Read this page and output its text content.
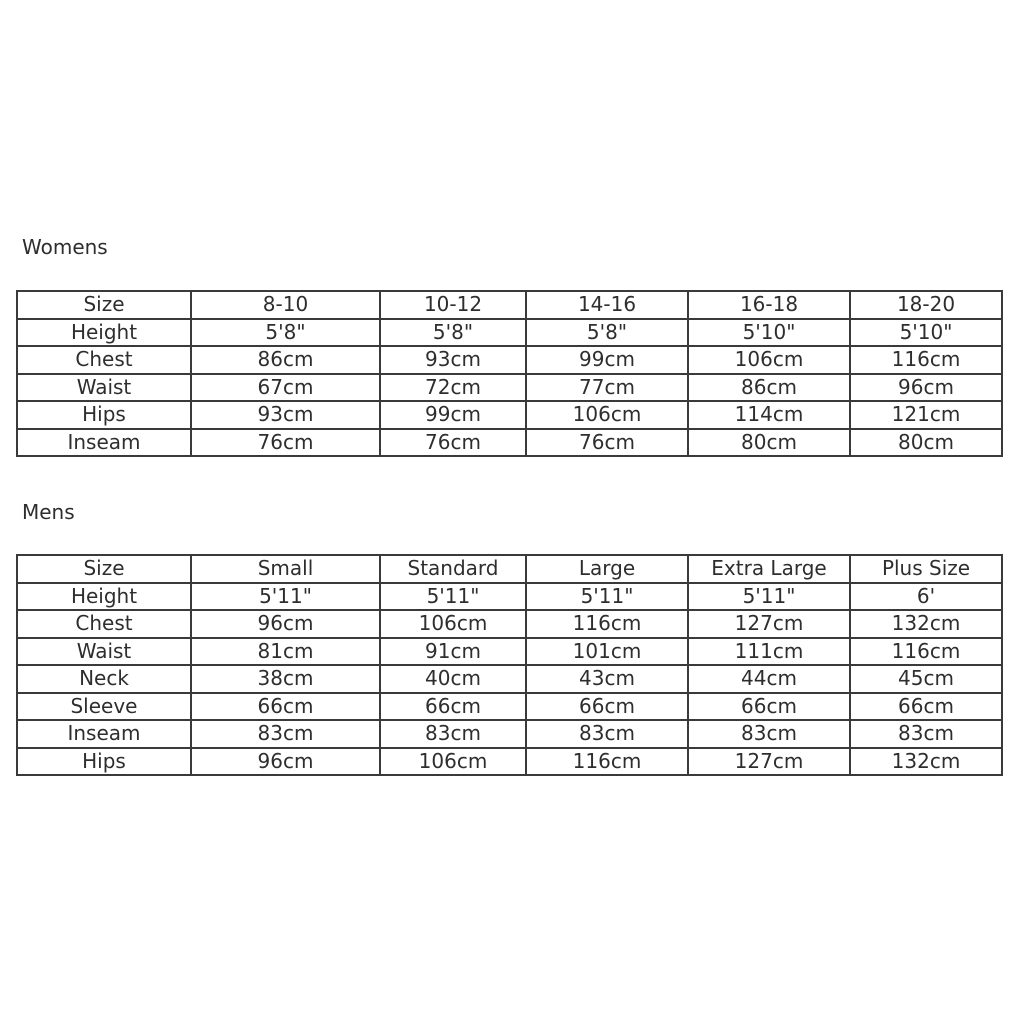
Womens
Size	8-10	10-12	14-16	16-18	18-20
Height	5'8"	5'8"	5'8"	5'10"	5'10"
Chest	86cm	93cm	99cm	106cm	116cm
Waist	67cm	72cm	77cm	86cm	96cm
Hips	93cm	99cm	106cm	114cm	121cm
Inseam	76cm	76cm	76cm	80cm	80cm
Mens
Size	Small	Standard	Large	Extra Large	Plus Size
Height	5'11"	5'11"	5'11"	5'11"	6'
Chest	96cm	106cm	116cm	127cm	132cm
Waist	81cm	91cm	101cm	111cm	116cm
Neck	38cm	40cm	43cm	44cm	45cm
Sleeve	66cm	66cm	66cm	66cm	66cm
Inseam	83cm	83cm	83cm	83cm	83cm
Hips	96cm	106cm	116cm	127cm	132cm
